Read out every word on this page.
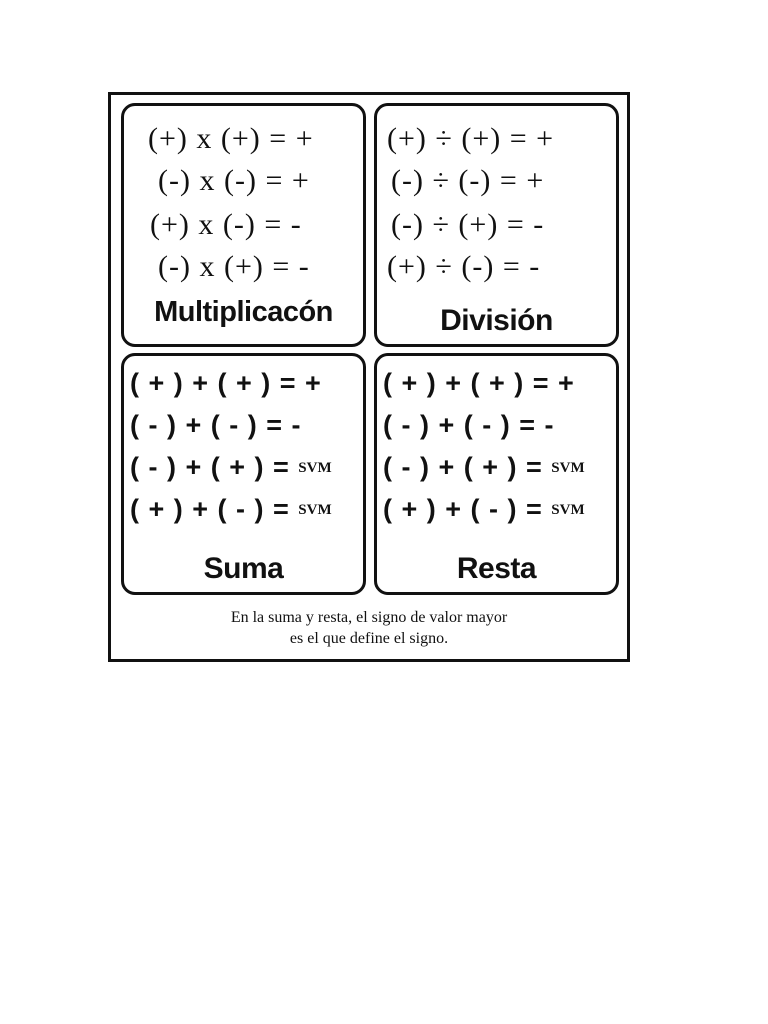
(+) x (+) = +
(-) x (-) = +
(+) x (-) = -
(-) x (+) = -
Multiplicacón
(+) ÷ (+) = +
(-) ÷ (-) = +
(-) ÷ (+) = -
(+) ÷ (-) = -
División
( + ) + ( + ) = +
( - ) + ( - ) = -
( - ) + ( + ) = SVM
( + ) + ( - ) = SVM
Suma
( + ) + ( + ) = +
( - ) + ( - ) = -
( - ) + ( + ) = SVM
( + ) + ( - ) = SVM
Resta
En la suma y resta, el signo de valor mayor
es el que define el signo.
